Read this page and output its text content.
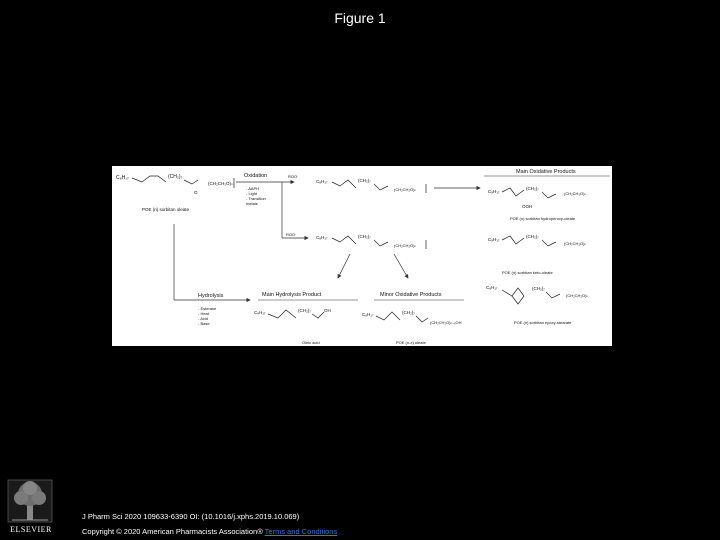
Figure 1
C₈H₁₇	(CH₂)₇
O
(CH₂CH₂O)ₙ
POE (n) sorbitan oleate
Oxidation
- AAPH
- Light
- Transition
metals
ROO·
ROO·
C₈H₁₇	(CH₂)₇
(CH₂CH₂O)ₙ
C₈H₁₇	(CH₂)₇
(CH₂CH₂O)ₙ
Main Oxidative Products
C₈H₁₇
(CH₂)₇
(CH₂CH₂O)ₙ
OOH
POE (n) sorbitan hydroperoxy-oleate
C₈H₁₇
(CH₂)₇
(CH₂CH₂O)ₙ
POE (n) sorbitan keto-oleate
C₈H₁₇	(CH₂)₇
(CH₂CH₂O)ₙ
POE (n) sorbitan epoxy-stearate
Hydrolysis
- Esterase
- Heat
- Acid
- Base
Main Hydrolysis Product
C₈H₁₇	(CH₂)₇	OH
Oleic acid
Minor Oxidative Products
C₈H₁₇	(CH₂)₇
(CH₂CH₂O)ₙ₋ₓOH
POE (n-x) oleate
ELSEVIER
J Pharm Sci 2020 109633-6390 OI: (10.1016/j.xphs.2019.10.069)
Copyright © 2020 American Pharmacists Association® Terms and Conditions
